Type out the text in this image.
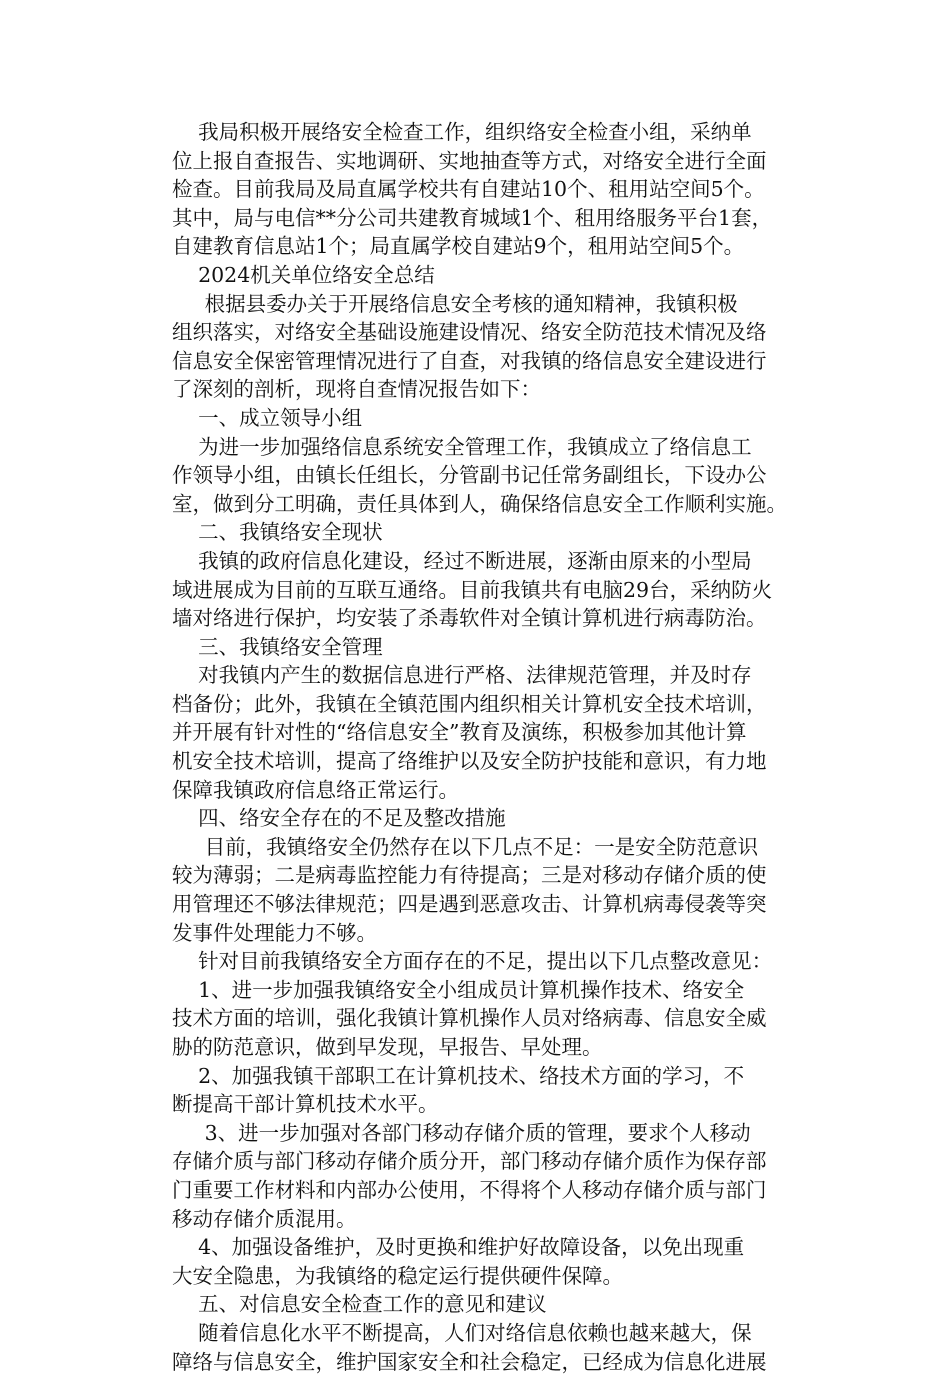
我局积极开展络安全检查工作，组织络安全检查小组，采纳单
位上报自查报告、实地调研、实地抽查等方式，对络安全进行全面
检查。目前我局及局直属学校共有自建站10个、租用站空间5个。
其中，局与电信**分公司共建教育城域1个、租用络服务平台1套，
自建教育信息站1个；局直属学校自建站9个，租用站空间5个。
2024机关单位络安全总结
根据县委办关于开展络信息安全考核的通知精神，我镇积极
组织落实，对络安全基础设施建设情况、络安全防范技术情况及络
信息安全保密管理情况进行了自查，对我镇的络信息安全建设进行
了深刻的剖析，现将自查情况报告如下：
一、成立领导小组
为进一步加强络信息系统安全管理工作，我镇成立了络信息工
作领导小组，由镇长任组长，分管副书记任常务副组长，下设办公
室，做到分工明确，责任具体到人，确保络信息安全工作顺利实施。
二、我镇络安全现状
我镇的政府信息化建设，经过不断进展，逐渐由原来的小型局
域进展成为目前的互联互通络。目前我镇共有电脑29台，采纳防火
墙对络进行保护，均安装了杀毒软件对全镇计算机进行病毒防治。
三、我镇络安全管理
对我镇内产生的数据信息进行严格、法律规范管理，并及时存
档备份；此外，我镇在全镇范围内组织相关计算机安全技术培训，
并开展有针对性的“络信息安全”教育及演练，积极参加其他计算
机安全技术培训，提高了络维护以及安全防护技能和意识，有力地
保障我镇政府信息络正常运行。
四、络安全存在的不足及整改措施
目前，我镇络安全仍然存在以下几点不足：一是安全防范意识
较为薄弱；二是病毒监控能力有待提高；三是对移动存储介质的使
用管理还不够法律规范；四是遇到恶意攻击、计算机病毒侵袭等突
发事件处理能力不够。
针对目前我镇络安全方面存在的不足，提出以下几点整改意见：
1、进一步加强我镇络安全小组成员计算机操作技术、络安全
技术方面的培训，强化我镇计算机操作人员对络病毒、信息安全威
胁的防范意识，做到早发现，早报告、早处理。
2、加强我镇干部职工在计算机技术、络技术方面的学习，不
断提高干部计算机技术水平。
3、进一步加强对各部门移动存储介质的管理，要求个人移动
存储介质与部门移动存储介质分开，部门移动存储介质作为保存部
门重要工作材料和内部办公使用，不得将个人移动存储介质与部门
移动存储介质混用。
4、加强设备维护，及时更换和维护好故障设备，以免出现重
大安全隐患，为我镇络的稳定运行提供硬件保障。
五、对信息安全检查工作的意见和建议
随着信息化水平不断提高，人们对络信息依赖也越来越大，保
障络与信息安全，维护国家安全和社会稳定，已经成为信息化进展
